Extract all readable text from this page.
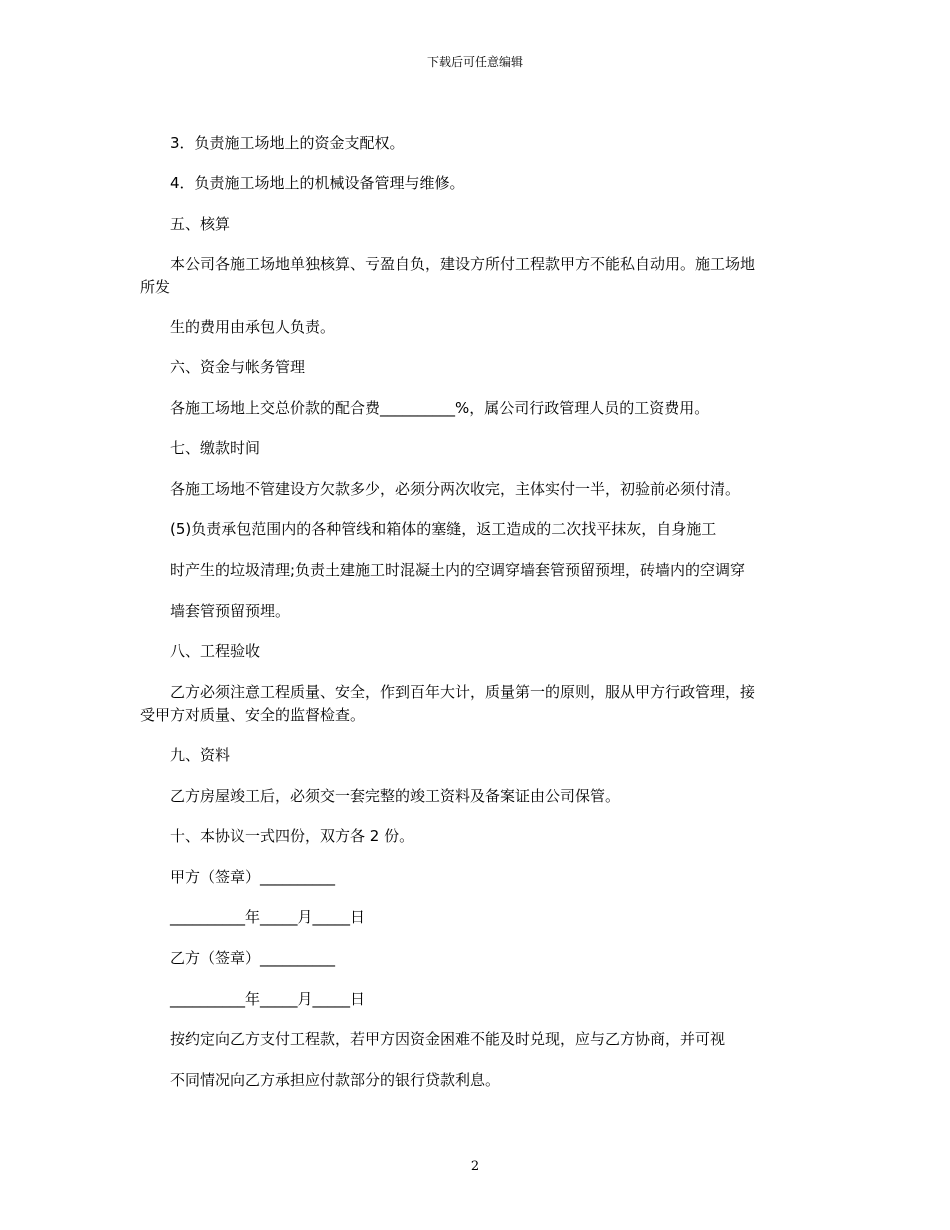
下载后可任意编辑
　　3．负责施工场地上的资金支配权。
　　4．负责施工场地上的机械设备管理与维修。
　　五、核算
　　本公司各施工场地单独核算、亏盈自负，建设方所付工程款甲方不能私自动用。施工场地
所发
　　生的费用由承包人负责。
　　六、资金与帐务管理
　　各施工场地上交总价款的配合费__________%，属公司行政管理人员的工资费用。
　　七、缴款时间
　　各施工场地不管建设方欠款多少，必须分两次收完，主体实付一半，初验前必须付清。
　　(5)负责承包范围内的各种管线和箱体的塞缝，返工造成的二次找平抹灰，自身施工
　　时产生的垃圾清理;负责土建施工时混凝土内的空调穿墙套管预留预埋，砖墙内的空调穿
　　墙套管预留预埋。
　　八、工程验收
　　乙方必须注意工程质量、安全，作到百年大计，质量第一的原则，服从甲方行政管理，接
受甲方对质量、安全的监督检查。
　　九、资料
　　乙方房屋竣工后，必须交一套完整的竣工资料及备案证由公司保管。
　　十、本协议一式四份，双方各 2 份。
　　甲方（签章）__________
　　__________年_____月_____日
　　乙方（签章）__________
　　__________年_____月_____日
　　按约定向乙方支付工程款，若甲方因资金困难不能及时兑现，应与乙方协商，并可视
　　不同情况向乙方承担应付款部分的银行贷款利息。
2
